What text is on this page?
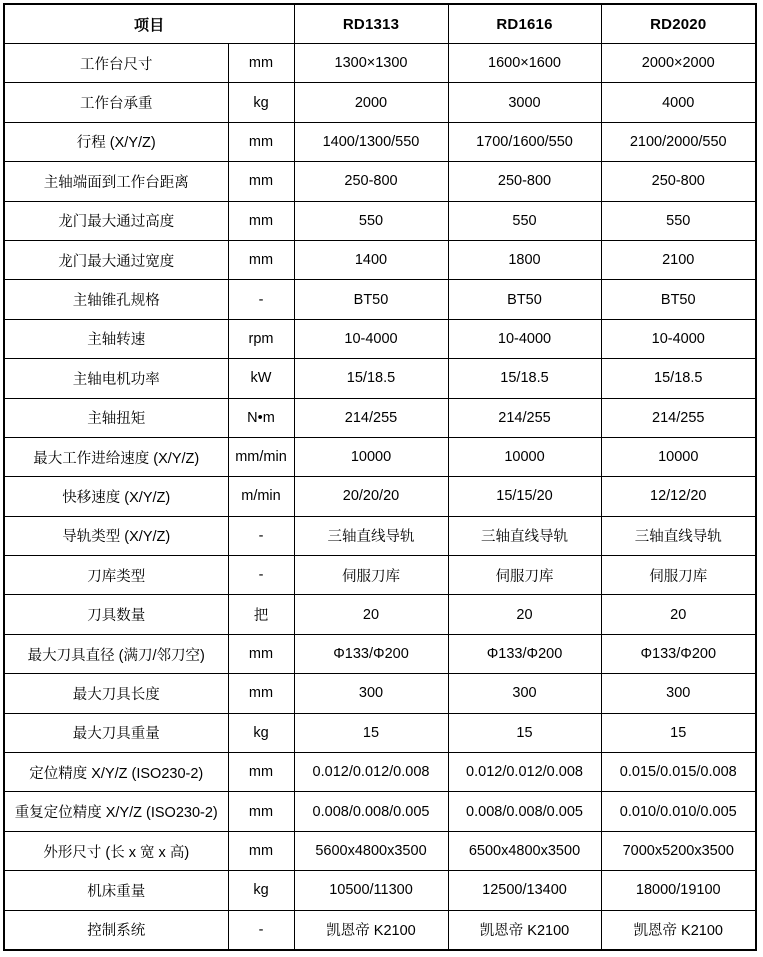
项目		RD1313	RD1616	RD2020
工作台尺寸	mm	1300×1300	1600×1600	2000×2000
工作台承重	kg	2000	3000	4000
行程 (X/Y/Z)	mm	1400/1300/550	1700/1600/550	2100/2000/550
主轴端面到工作台距离	mm	250-800	250-800	250-800
龙门最大通过高度	mm	550	550	550
龙门最大通过宽度	mm	1400	1800	2100
主轴锥孔规格	-	BT50	BT50	BT50
主轴转速	rpm	10-4000	10-4000	10-4000
主轴电机功率	kW	15/18.5	15/18.5	15/18.5
主轴扭矩	N•m	214/255	214/255	214/255
最大工作进给速度 (X/Y/Z)	mm/min	10000	10000	10000
快移速度 (X/Y/Z)	m/min	20/20/20	15/15/20	12/12/20
导轨类型 (X/Y/Z)	-	三轴直线导轨	三轴直线导轨	三轴直线导轨
刀库类型	-	伺服刀库	伺服刀库	伺服刀库
刀具数量	把	20	20	20
最大刀具直径 (满刀/邻刀空)	mm	Φ133/Φ200	Φ133/Φ200	Φ133/Φ200
最大刀具长度	mm	300	300	300
最大刀具重量	kg	15	15	15
定位精度 X/Y/Z (ISO230-2)	mm	0.012/0.012/0.008	0.012/0.012/0.008	0.015/0.015/0.008
重复定位精度 X/Y/Z (ISO230-2)	mm	0.008/0.008/0.005	0.008/0.008/0.005	0.010/0.010/0.005
外形尺寸 (长 x 宽 x 高)	mm	5600x4800x3500	6500x4800x3500	7000x5200x3500
机床重量	kg	10500/11300	12500/13400	18000/19100
控制系统	-	凯恩帝 K2100	凯恩帝 K2100	凯恩帝 K2100
